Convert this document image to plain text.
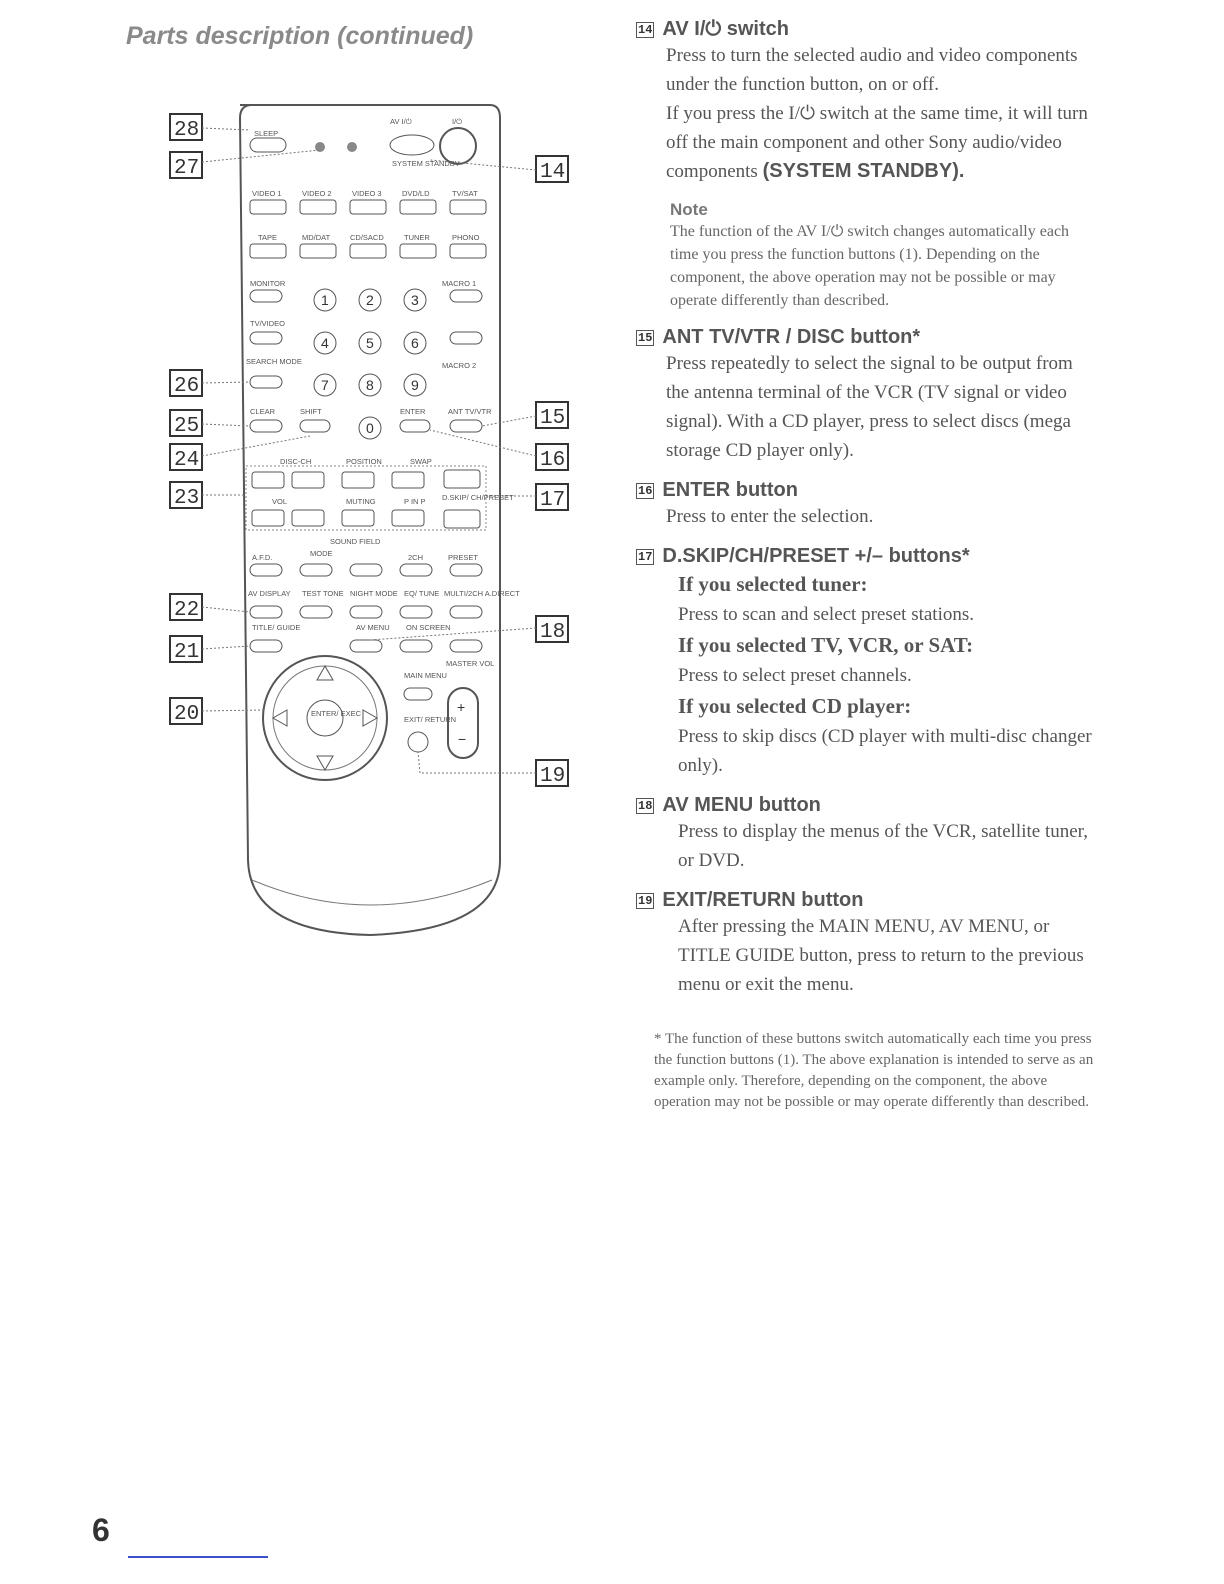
Parts description (continued)
SLEEP
AV I/⏻	I/⏻
SYSTEM STANDBY
VIDEO 1	VIDEO 2	VIDEO 3	DVD/LD	TV/SAT
TAPE	MD/DAT	CD/SACD	TUNER	PHONO
MONITOR	MACRO 1
TV/VIDEO
MACRO 2
SEARCH MODE
1	2	3
4	5	6
7	8	9
0
CLEAR	SHIFT	ENTER	ANT TV/VTR
DISC-CH	POSITION	SWAP
VOL	MUTING	P IN P D.SKIP/ CH/PRESET
SOUND FIELD
A.F.D.	MODE	2CH	PRESET
AV DISPLAY TEST TONE NIGHT MODE EQ/ TUNE MULTI/2CH A.DIRECT
TITLE/ GUIDE	AV MENU ON SCREEN
ENTER/ EXEC
MAIN MENU
MASTER VOL
+
−
EXIT/ RETURN
28
27
26
25
24
23
22
21
20
14
15
16
17
18
19
14 AV I/⏻ switch
Press to turn the selected audio and video components under the function button, on or off.
If you press the I/⏻ switch at the same time, it will turn off the main component and other Sony audio/video components (SYSTEM STANDBY).
Note
The function of the AV I/⏻ switch changes automatically each time you press the function buttons (1). Depending on the component, the above operation may not be possible or may operate differently than described.
15 ANT TV/VTR / DISC button*
Press repeatedly to select the signal to be output from the antenna terminal of the VCR (TV signal or video signal). With a CD player, press to select discs (mega storage CD player only).
16 ENTER button
Press to enter the selection.
17 D.SKIP/CH/PRESET +/– buttons*
If you selected tuner:
Press to scan and select preset stations.
If you selected TV, VCR, or SAT:
Press to select preset channels.
If you selected CD player:
Press to skip discs (CD player with multi-disc changer only).
18 AV MENU button
Press to display the menus of the VCR, satellite tuner, or DVD.
19 EXIT/RETURN button
After pressing the MAIN MENU, AV MENU, or TITLE GUIDE button, press to return to the previous menu or exit the menu.
* The function of these buttons switch automatically each time you press the function buttons (1). The above explanation is intended to serve as an example only. Therefore, depending on the component, the above operation may not be possible or may operate differently than described.
6
